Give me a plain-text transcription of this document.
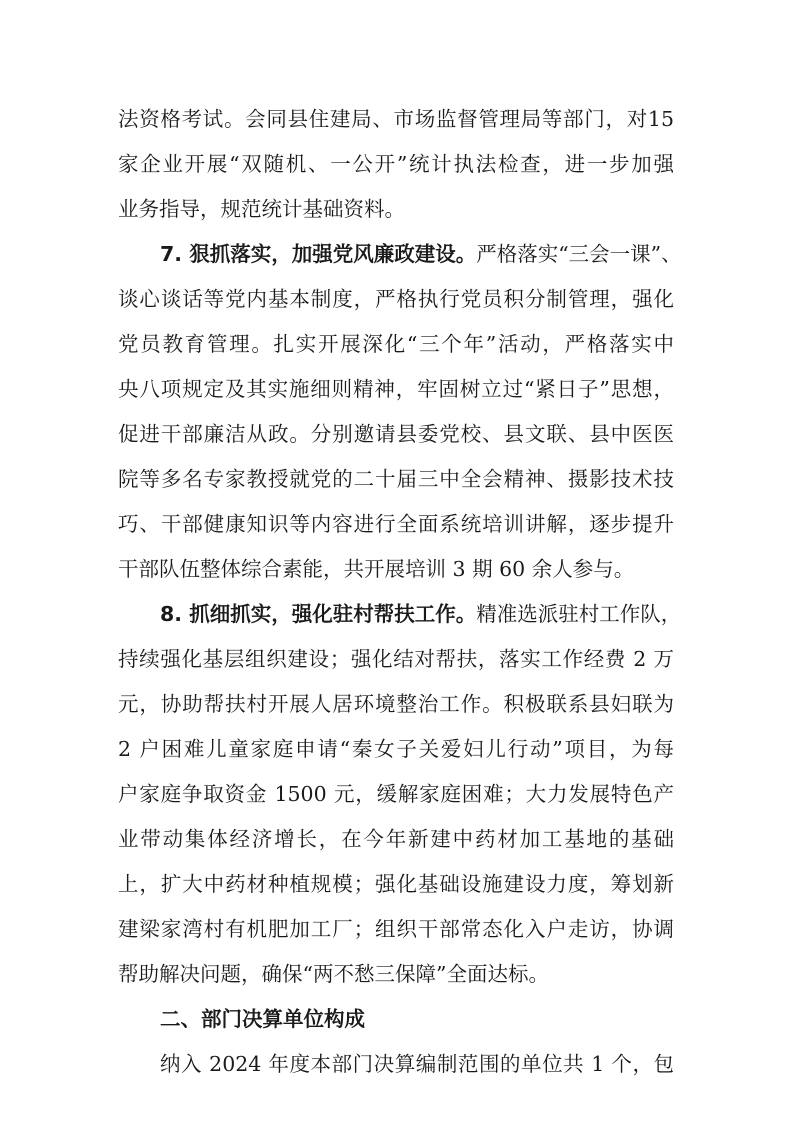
法资格考试。会同县住建局、市场监督管理局等部门，对15
家企业开展“双随机、一公开”统计执法检查，进一步加强
业务指导，规范统计基础资料。
7. 狠抓落实，加强党风廉政建设。严格落实“三会一课”、
谈心谈话等党内基本制度，严格执行党员积分制管理，强化
党员教育管理。扎实开展深化“三个年”活动，严格落实中
央八项规定及其实施细则精神，牢固树立过“紧日子”思想，
促进干部廉洁从政。分别邀请县委党校、县文联、县中医医
院等多名专家教授就党的二十届三中全会精神、摄影技术技
巧、干部健康知识等内容进行全面系统培训讲解，逐步提升
干部队伍整体综合素能，共开展培训 3 期 60 余人参与。
8. 抓细抓实，强化驻村帮扶工作。精准选派驻村工作队，
持续强化基层组织建设；强化结对帮扶，落实工作经费 2 万
元，协助帮扶村开展人居环境整治工作。积极联系县妇联为
2 户困难儿童家庭申请“秦女子关爱妇儿行动”项目，为每
户家庭争取资金 1500 元，缓解家庭困难；大力发展特色产
业带动集体经济增长，在今年新建中药材加工基地的基础
上，扩大中药材种植规模；强化基础设施建设力度，筹划新
建梁家湾村有机肥加工厂；组织干部常态化入户走访，协调
帮助解决问题，确保“两不愁三保障”全面达标。
二、部门决算单位构成
纳入 2024 年度本部门决算编制范围的单位共 1 个，包
